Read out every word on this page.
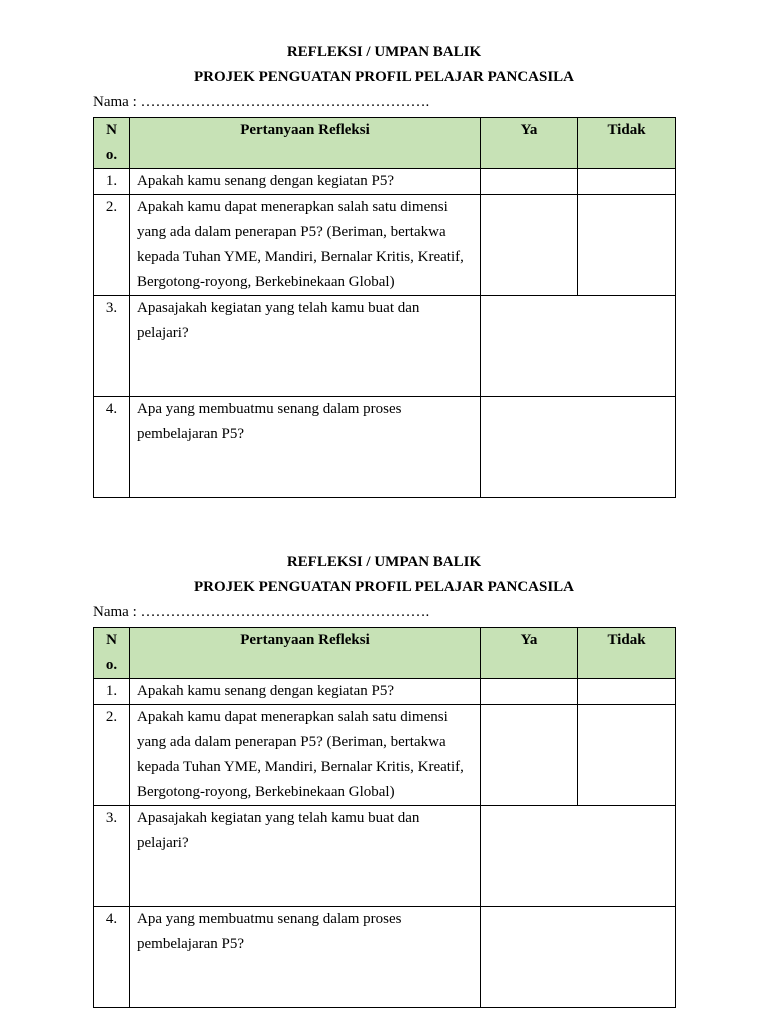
REFLEKSI / UMPAN BALIK
PROJEK PENGUATAN PROFIL PELAJAR PANCASILA
Nama : ………………………………………………….
No.	Pertanyaan Refleksi	Ya	Tidak
1.	Apakah kamu senang dengan kegiatan P5?		
2.	Apakah kamu dapat menerapkan salah satu dimensi yang ada dalam penerapan P5? (Beriman, bertakwa kepada Tuhan YME, Mandiri, Bernalar Kritis, Kreatif, Bergotong-royong, Berkebinekaan Global)		
3.	Apasajakah kegiatan yang telah kamu buat dan pelajari?		
4.	Apa yang membuatmu senang dalam proses pembelajaran P5?		
REFLEKSI / UMPAN BALIK
PROJEK PENGUATAN PROFIL PELAJAR PANCASILA
Nama : ………………………………………………….
No.	Pertanyaan Refleksi	Ya	Tidak
1.	Apakah kamu senang dengan kegiatan P5?		
2.	Apakah kamu dapat menerapkan salah satu dimensi yang ada dalam penerapan P5? (Beriman, bertakwa kepada Tuhan YME, Mandiri, Bernalar Kritis, Kreatif, Bergotong-royong, Berkebinekaan Global)		
3.	Apasajakah kegiatan yang telah kamu buat dan pelajari?		
4.	Apa yang membuatmu senang dalam proses pembelajaran P5?		
